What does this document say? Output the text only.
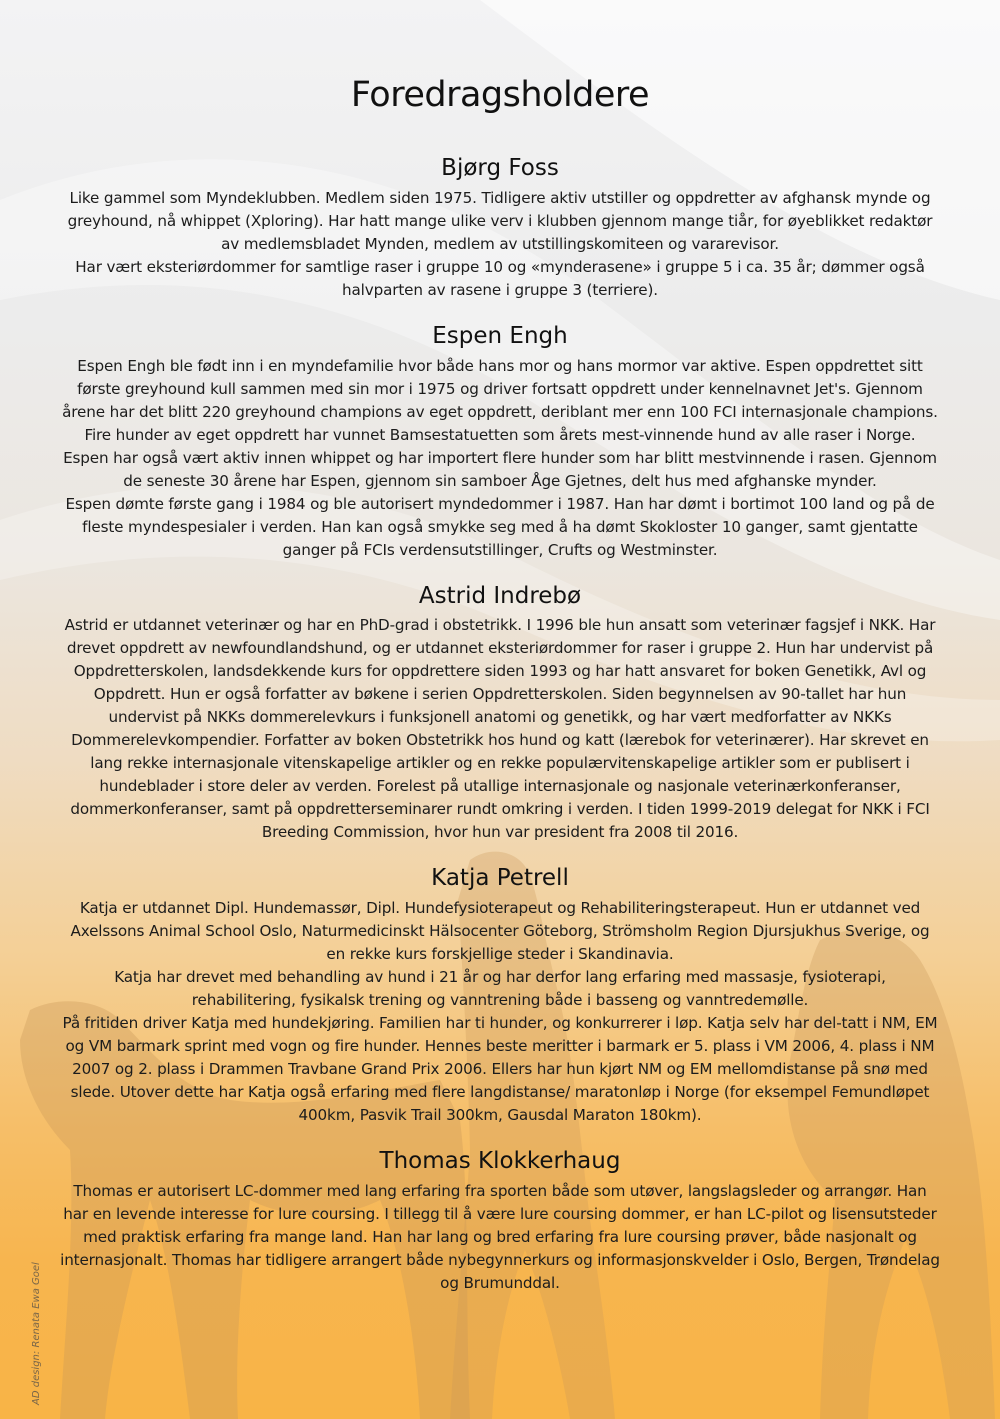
Foredragsholdere
Bjørg Foss

Like gammel som Myndeklubben. Medlem siden 1975. Tidligere aktiv utstiller og oppdretter av afghansk mynde og greyhound, nå whippet (Xploring). Har hatt mange ulike verv i klubben gjennom mange tiår, for øyeblikket redaktør av medlemsbladet Mynden, medlem av utstillingskomiteen og vararevisor.

Har vært eksteriørdommer for samtlige raser i gruppe 10 og «mynderasene» i gruppe 5 i ca. 35 år; dømmer også halvparten av rasene i gruppe 3 (terriere).

Espen Engh

Espen Engh ble født inn i en myndefamilie hvor både hans mor og hans mormor var aktive. Espen oppdrettet sitt første greyhound kull sammen med sin mor i 1975 og driver fortsatt oppdrett under kennelnavnet Jet's. Gjennom årene har det blitt 220 greyhound champions av eget oppdrett, deriblant mer enn 100 FCI internasjonale champions. Fire hunder av eget oppdrett har vunnet Bamsestatuetten som årets mest-vinnende hund av alle raser i Norge. Espen har også vært aktiv innen whippet og har importert flere hunder som har blitt mestvinnende i rasen. Gjennom de seneste 30 årene har Espen, gjennom sin samboer Åge Gjetnes, delt hus med afghanske mynder.

Espen dømte første gang i 1984 og ble autorisert myndedommer i 1987. Han har dømt i bortimot 100 land og på de fleste myndespesialer i verden. Han kan også smykke seg med å ha dømt Skokloster 10 ganger, samt gjentatte ganger på FCIs verdensutstillinger, Crufts og Westminster.

Astrid Indrebø

Astrid er utdannet veterinær og har en PhD-grad i obstetrikk. I 1996 ble hun ansatt som veterinær fagsjef i NKK. Har drevet oppdrett av newfoundlandshund, og er utdannet eksteriørdommer for raser i gruppe 2. Hun har undervist på Oppdretterskolen, landsdekkende kurs for oppdrettere siden 1993 og har hatt ansvaret for boken Genetikk, Avl og Oppdrett. Hun er også forfatter av bøkene i serien Oppdretterskolen. Siden begynnelsen av 90-tallet har hun undervist på NKKs dommerelevkurs i funksjonell anatomi og genetikk, og har vært medforfatter av NKKs Dommerelevkompendier. Forfatter av boken Obstetrikk hos hund og katt (lærebok for veterinærer). Har skrevet en lang rekke internasjonale vitenskapelige artikler og en rekke populærvitenskapelige artikler som er publisert i hundeblader i store deler av verden. Forelest på utallige internasjonale og nasjonale veterinærkonferanser, dommerkonferanser, samt på oppdretterseminarer rundt omkring i verden. I tiden 1999-2019 delegat for NKK i FCI Breeding Commission, hvor hun var president fra 2008 til 2016.

Katja Petrell

Katja er utdannet Dipl. Hundemassør, Dipl. Hundefysioterapeut og Rehabiliteringsterapeut. Hun er utdannet ved Axelssons Animal School Oslo, Naturmedicinskt Hälsocenter Göteborg, Strömsholm Region Djursjukhus Sverige, og en rekke kurs forskjellige steder i Skandinavia.

Katja har drevet med behandling av hund i 21 år og har derfor lang erfaring med massasje, fysioterapi, rehabilitering, fysikalsk trening og vanntrening både i basseng og vanntredemølle.

På fritiden driver Katja med hundekjøring. Familien har ti hunder, og konkurrerer i løp. Katja selv har del-tatt i NM, EM og VM barmark sprint med vogn og fire hunder. Hennes beste meritter i barmark er 5. plass i VM 2006, 4. plass i NM 2007 og 2. plass i Drammen Travbane Grand Prix 2006. Ellers har hun kjørt NM og EM mellomdistanse på snø med slede. Utover dette har Katja også erfaring med flere langdistanse/ maratonløp i Norge (for eksempel Femundløpet 400km, Pasvik Trail 300km, Gausdal Maraton 180km).

Thomas Klokkerhaug

Thomas er autorisert LC-dommer med lang erfaring fra sporten både som utøver, langslagsleder og arrangør. Han har en levende interesse for lure coursing. I tillegg til å være lure coursing dommer, er han LC-pilot og lisensutsteder med praktisk erfaring fra mange land. Han har lang og bred erfaring fra lure coursing prøver, både nasjonalt og internasjonalt. Thomas har tidligere arrangert både nybegynnerkurs og informasjonskvelder i Oslo, Bergen, Trøndelag og Brumunddal.

AD design: Renata Ewa Goel
